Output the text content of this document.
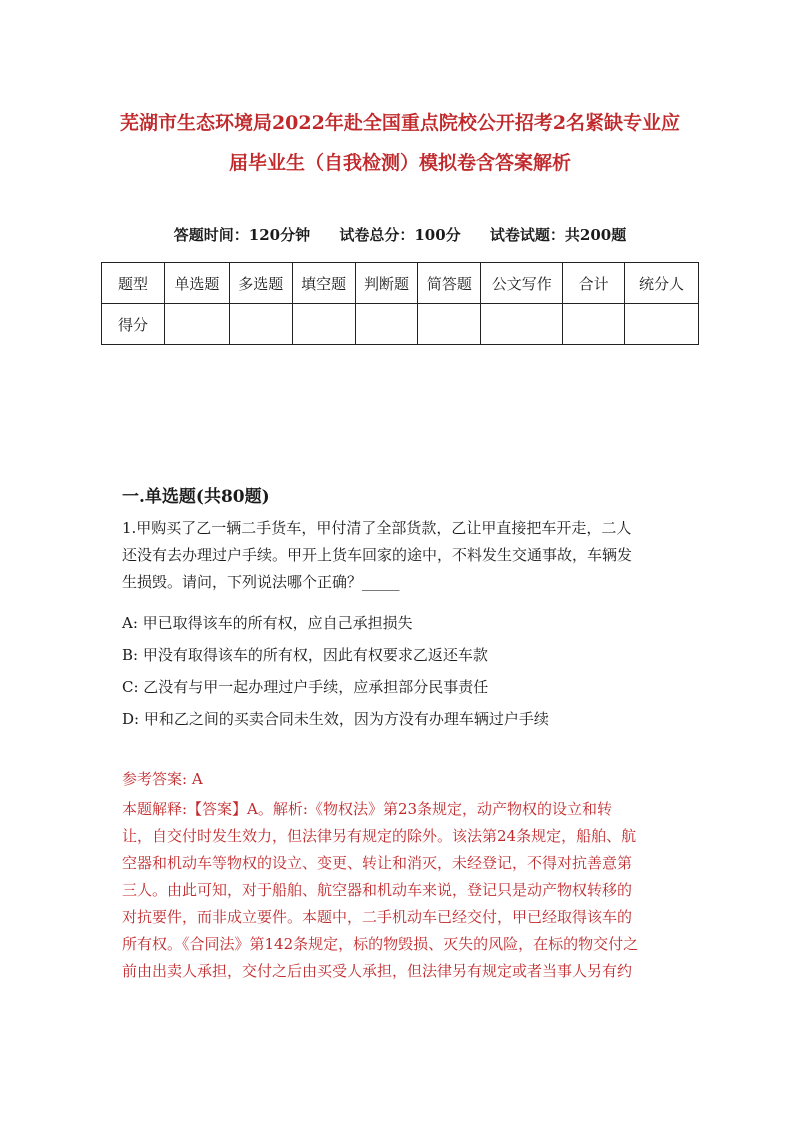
芜湖市生态环境局2022年赴全国重点院校公开招考2名紧缺专业应
届毕业生（自我检测）模拟卷含答案解析
答题时间：120分钟 试卷总分：100分 试卷试题：共200题
题型	单选题	多选题	填空题	判断题	简答题	公文写作	合计	统分人
得分								
一.单选题(共80题)
1.甲购买了乙一辆二手货车，甲付清了全部货款，乙让甲直接把车开走，二人
还没有去办理过户手续。甲开上货车回家的途中，不料发生交通事故，车辆发
生损毁。请问，下列说法哪个正确？_____
A: 甲已取得该车的所有权，应自己承担损失
B: 甲没有取得该车的所有权，因此有权要求乙返还车款
C: 乙没有与甲一起办理过户手续，应承担部分民事责任
D: 甲和乙之间的买卖合同未生效，因为方没有办理车辆过户手续
参考答案: A
本题解释:【答案】A。解析:《物权法》第23条规定，动产物权的设立和转
让，自交付时发生效力，但法律另有规定的除外。该法第24条规定，船舶、航
空器和机动车等物权的设立、变更、转让和消灭，未经登记，不得对抗善意第
三人。由此可知，对于船舶、航空器和机动车来说，登记只是动产物权转移的
对抗要件，而非成立要件。本题中，二手机动车已经交付，甲已经取得该车的
所有权。《合同法》第142条规定，标的物毁损、灭失的风险，在标的物交付之
前由出卖人承担，交付之后由买受人承担，但法律另有规定或者当事人另有约
